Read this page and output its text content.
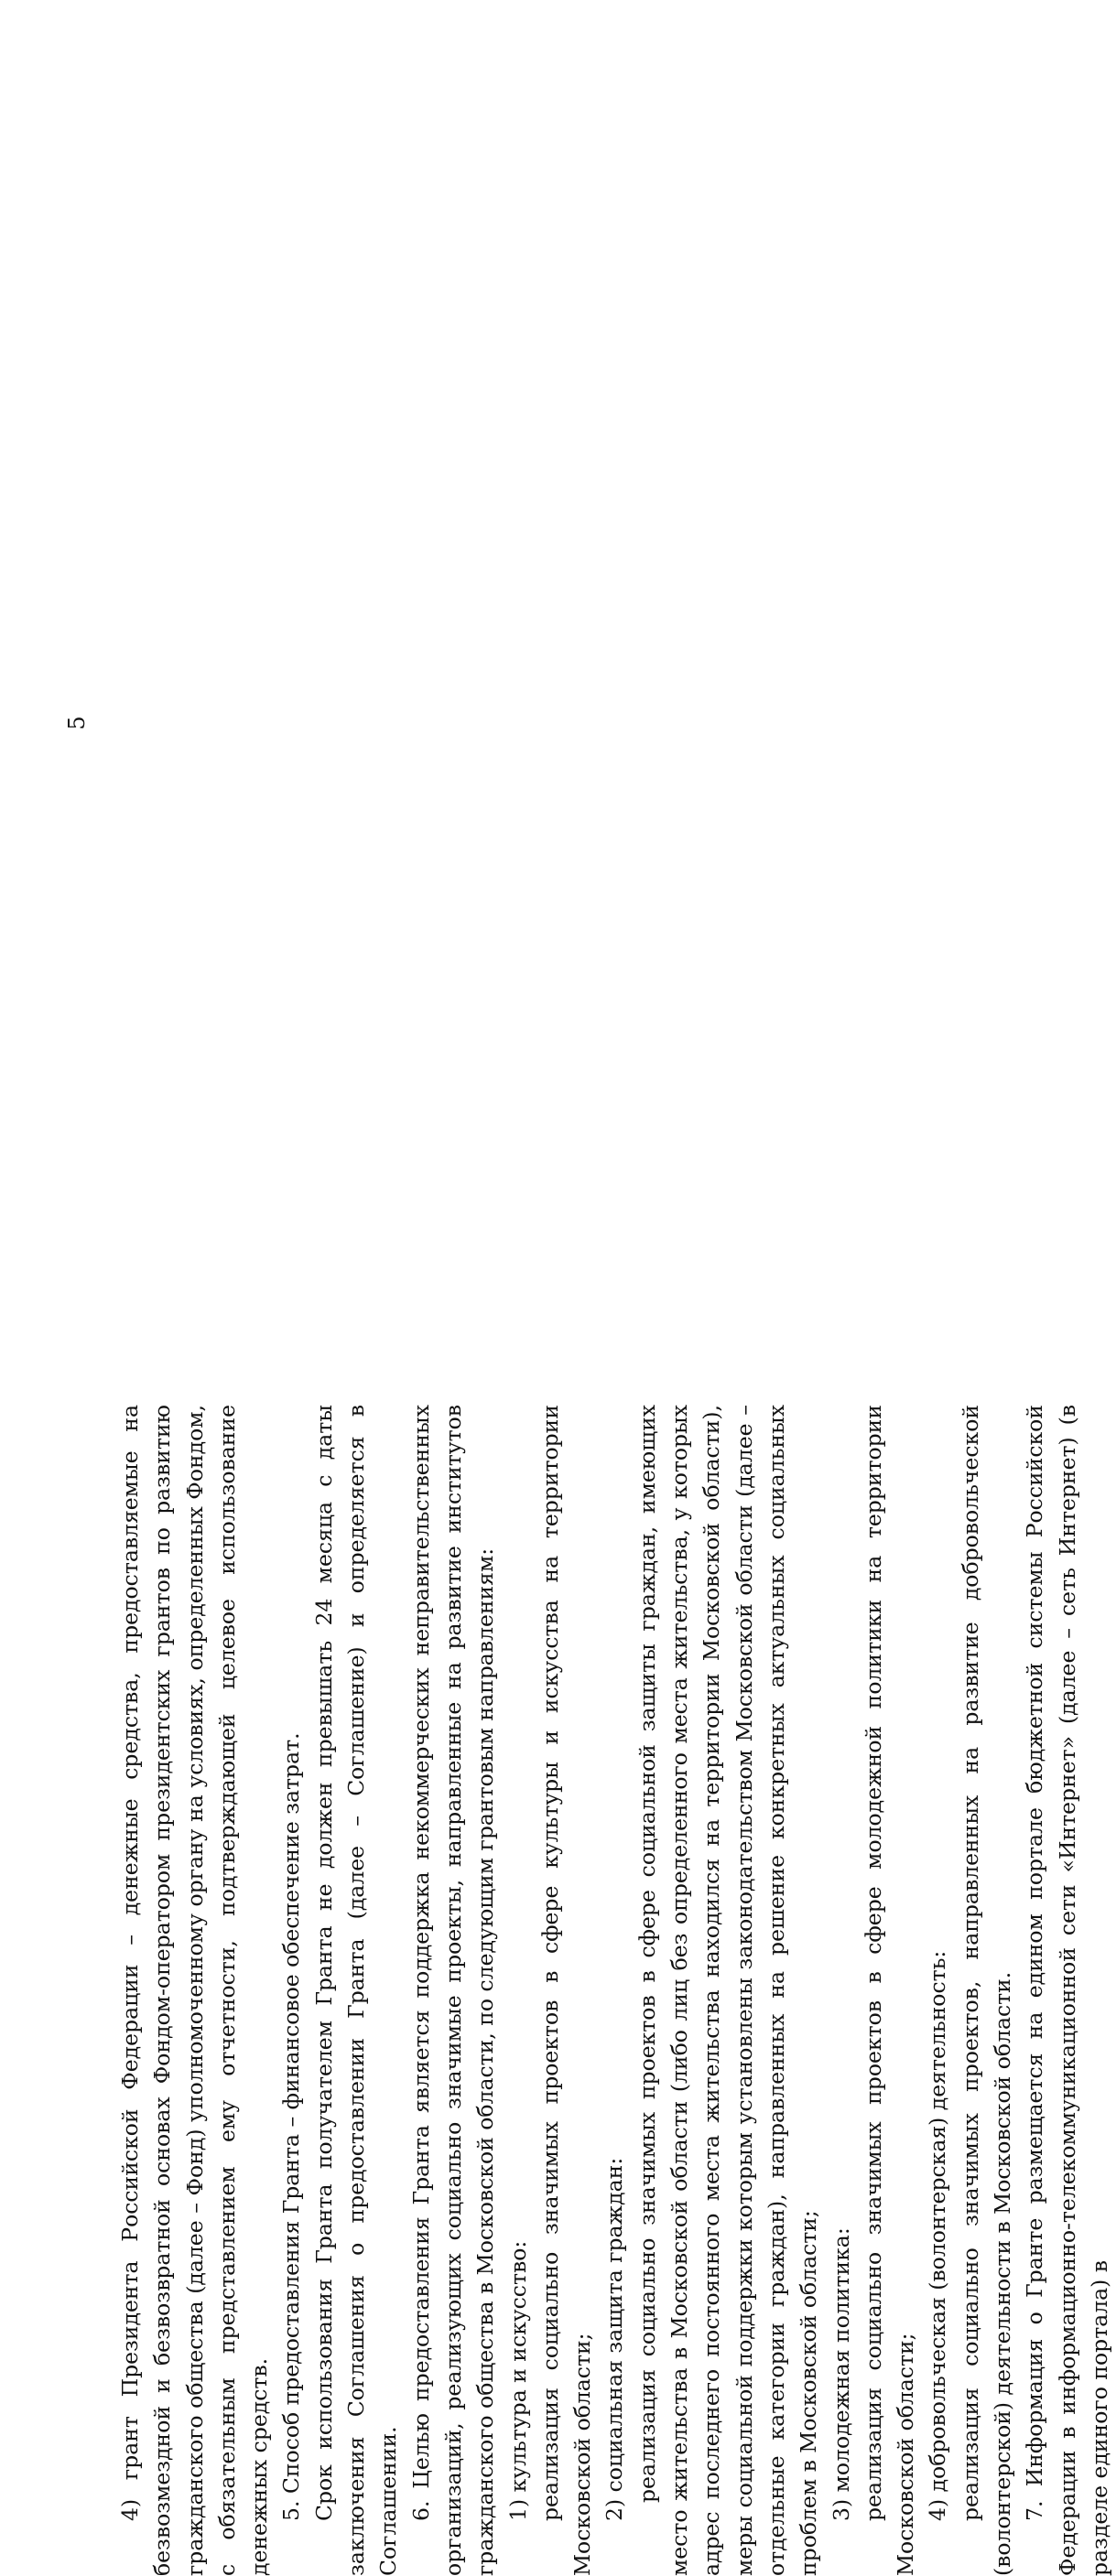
5

4) грант Президента Российской Федерации – денежные средства, предоставляемые на безвозмездной и безвозвратной основах Фондом-оператором президентских грантов по развитию гражданского общества (далее – Фонд) уполномоченному органу на условиях, определенных Фондом, с обязательным представлением ему отчетности, подтверждающей целевое использование денежных средств. 5. Способ предоставления Гранта – финансовое обеспечение затрат. Срок использования Гранта получателем Гранта не должен превышать 24 месяца с даты заключения Соглашения о предоставлении Гранта (далее – Соглашение) и определяется в Соглашении. 6. Целью предоставления Гранта является поддержка некоммерческих неправительственных организаций, реализующих социально значимые проекты, направленные на развитие институтов гражданского общества в Московской области, по следующим грантовым направлениям: 1) культура и искусство: реализация социально значимых проектов в сфере культуры и искусства на территории Московской области; 2) социальная защита граждан: реализация социально значимых проектов в сфере социальной защиты граждан, имеющих место жительства в Московской области (либо лиц без определенного места жительства, у которых адрес последнего постоянного места жительства находился на территории Московской области), меры социальной поддержки которым установлены законодательством Московской области (далее – отдельные категории граждан), направленных на решение конкретных актуальных социальных проблем в Московской области; 3) молодежная политика: реализация социально значимых проектов в сфере молодежной политики на территории Московской области; 4) добровольческая (волонтерская) деятельность: реализация социально значимых проектов, направленных на развитие добровольческой (волонтерской) деятельности в Московской области. 7. Информация о Гранте размещается на едином портале бюджетной системы Российской Федерации в информационно-телекоммуникационной сети «Интернет» (далее – сеть Интернет) (в разделе единого портала) в
